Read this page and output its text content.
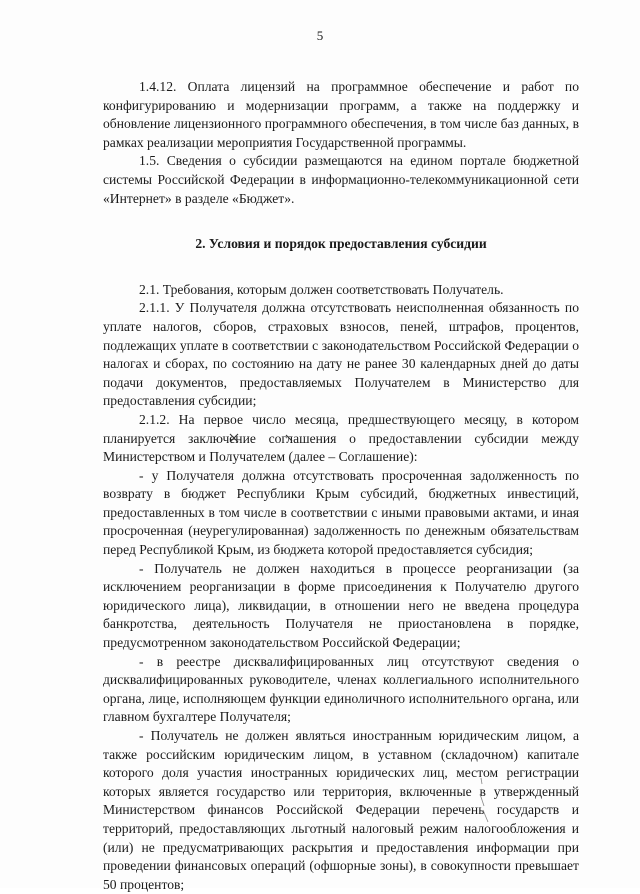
5

1.4.12. Оплата лицензий на программное обеспечение и работ по конфигурированию и модернизации программ, а также на поддержку и обновление лицензионного программного обеспечения, в том числе баз данных, в рамках реализации мероприятия Государственной программы.

1.5. Сведения о субсидии размещаются на едином портале бюджетной системы Российской Федерации в информационно-телекоммуникационной сети «Интернет» в разделе «Бюджет».

2. Условия и порядок предоставления субсидии

2.1. Требования, которым должен соответствовать Получатель.

2.1.1. У Получателя должна отсутствовать неисполненная обязанность по уплате налогов, сборов, страховых взносов, пеней, штрафов, процентов, подлежащих уплате в соответствии с законодательством Российской Федерации о налогах и сборах, по состоянию на дату не ранее 30 календарных дней до даты подачи документов, предоставляемых Получателем в Министерство для предоставления субсидии;

2.1.2. На первое число месяца, предшествующего месяцу, в котором планируется заключение соглашения о предоставлении субсидии между Министерством и Получателем (далее – Соглашение):

- у Получателя должна отсутствовать просроченная задолженность по возврату в бюджет Республики Крым субсидий, бюджетных инвестиций, предоставленных в том числе в соответствии с иными правовыми актами, и иная просроченная (неурегулированная) задолженность по денежным обязательствам перед Республикой Крым, из бюджета которой предоставляется субсидия;

- Получатель не должен находиться в процессе реорганизации (за исключением реорганизации в форме присоединения к Получателю другого юридического лица), ликвидации, в отношении него не введена процедура банкротства, деятельность Получателя не приостановлена в порядке, предусмотренном законодательством Российской Федерации;

- в реестре дисквалифицированных лиц отсутствуют сведения о дисквалифицированных руководителе, членах коллегиального исполнительного органа, лице, исполняющем функции единоличного исполнительного органа, или главном бухгалтере Получателя;

- Получатель не должен являться иностранным юридическим лицом, а также российским юридическим лицом, в уставном (складочном) капитале которого доля участия иностранных юридических лиц, местом регистрации которых является государство или территория, включенные в утвержденный Министерством финансов Российской Федерации перечень государств и территорий, предоставляющих льготный налоговый режим налогообложения и (или) не предусматривающих раскрытия и предоставления информации при проведении финансовых операций (офшорные зоны), в совокупности превышает 50 процентов;
